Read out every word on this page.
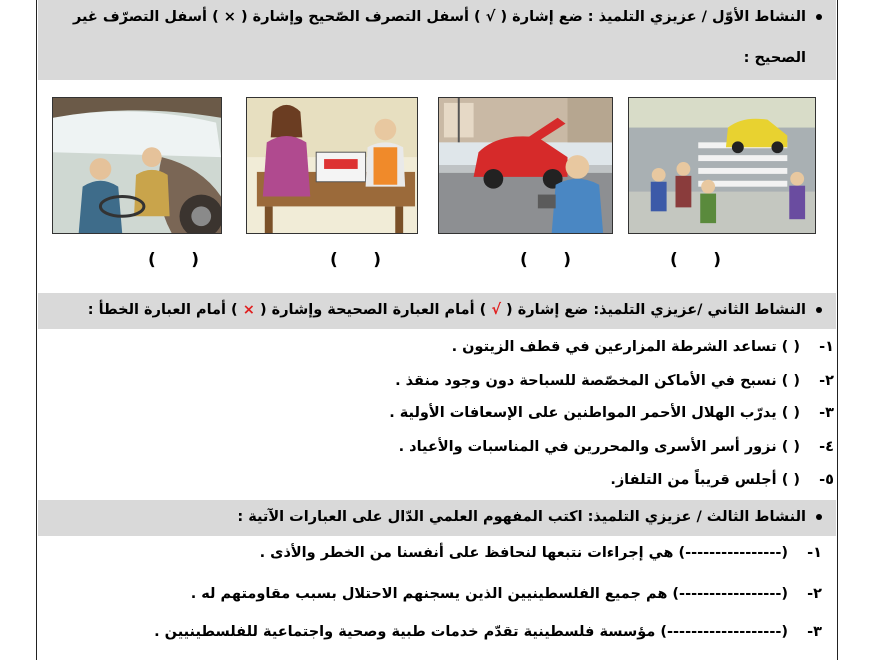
النشاط الأوّل / عزيزي التلميذ : ضع إشارة ( √ ) أسفل التصرف الصّحيح وإشارة ( × ) أسفل التصرّف غير
الصحيح :
(      )	(      )	(      )	(      )
النشاط الثاني /عزيزي التلميذ: ضع إشارة ( √ ) أمام العبارة الصحيحة وإشارة ( × ) أمام العبارة الخطأ :
١-( ) تساعد الشرطة المزارعين في قطف الزيتون .
٢-( ) نسبح في الأماكن المخصّصة للسباحة دون وجود منقذ .
٣-( ) يدرّب الهلال الأحمر المواطنين على الإسعافات الأولية .
٤-( ) نزور أسر الأسرى والمحررين في المناسبات والأعياد .
٥-( ) أجلس قريباً من التلفاز.
النشاط الثالث / عزيزي التلميذ: اكتب المفهوم العلمي الدّال على العبارات الآتية :
١-(----------------) هي إجراءات نتبعها لنحافظ على أنفسنا من الخطر والأذى .
٢-(-----------------) هم جميع الفلسطينيين الذين يسجنهم الاحتلال بسبب مقاومتهم له .
٣-(-------------------) مؤسسة فلسطينية تقدّم خدمات طبية وصحية واجتماعية للفلسطينيين .
